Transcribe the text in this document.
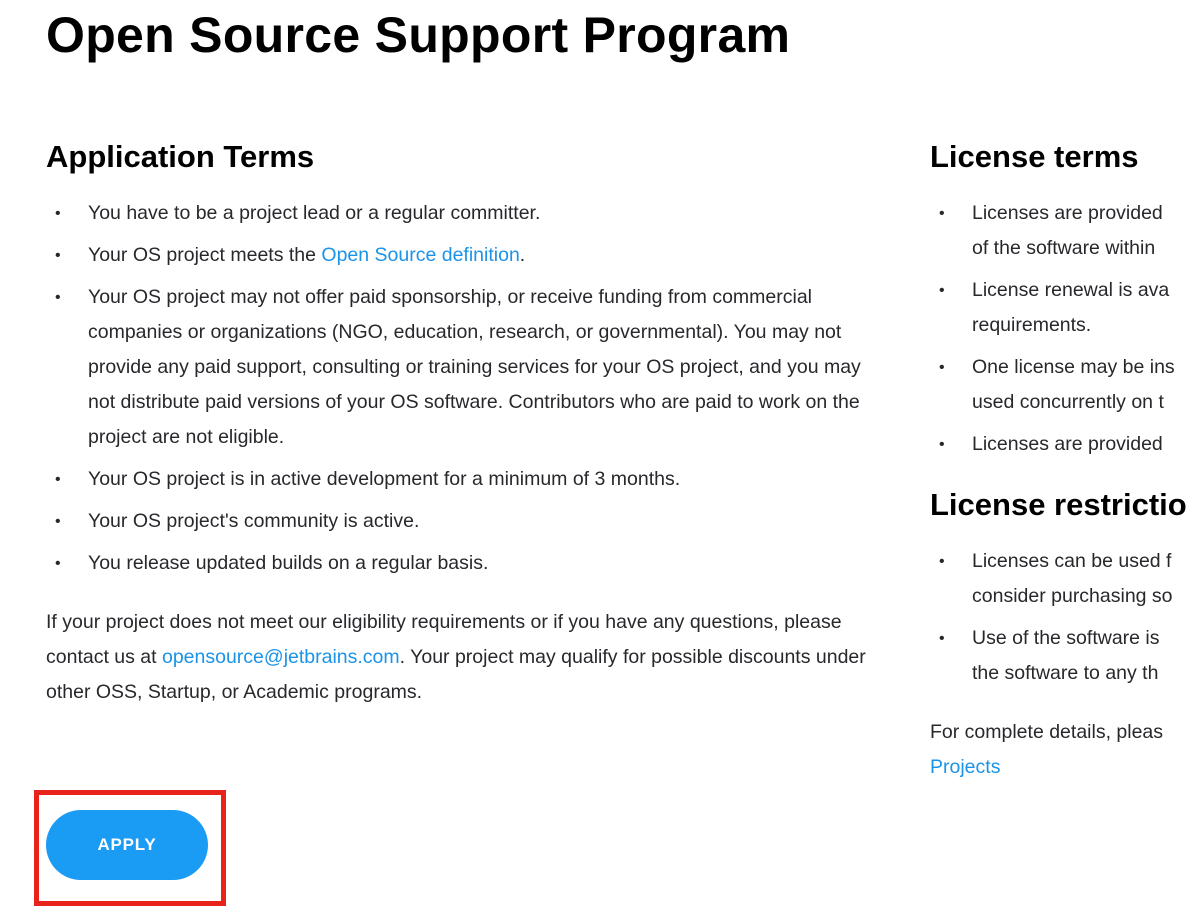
Open Source Support Program
Application Terms
• You have to be a project lead or a regular committer.
• Your OS project meets the Open Source definition.
• Your OS project may not offer paid sponsorship, or receive funding from commercial companies or organizations (NGO, education, research, or governmental). You may not provide any paid support, consulting or training services for your OS project, and you may not distribute paid versions of your OS software. Contributors who are paid to work on the project are not eligible.
• Your OS project is in active development for a minimum of 3 months.
• Your OS project's community is active.
• You release updated builds on a regular basis.

If your project does not meet our eligibility requirements or if you have any questions, please contact us at opensource@jetbrains.com. Your project may qualify for possible discounts under other OSS, Startup, or Academic programs.

License terms
• Licenses are provided
of the software within
• License renewal is ava
requirements.
• One license may be ins
used concurrently on t
• Licenses are provided
License restrictio
• Licenses can be used f
consider purchasing so
• Use of the software is
the software to any th

For complete details, pleas
Projects

APPLY
